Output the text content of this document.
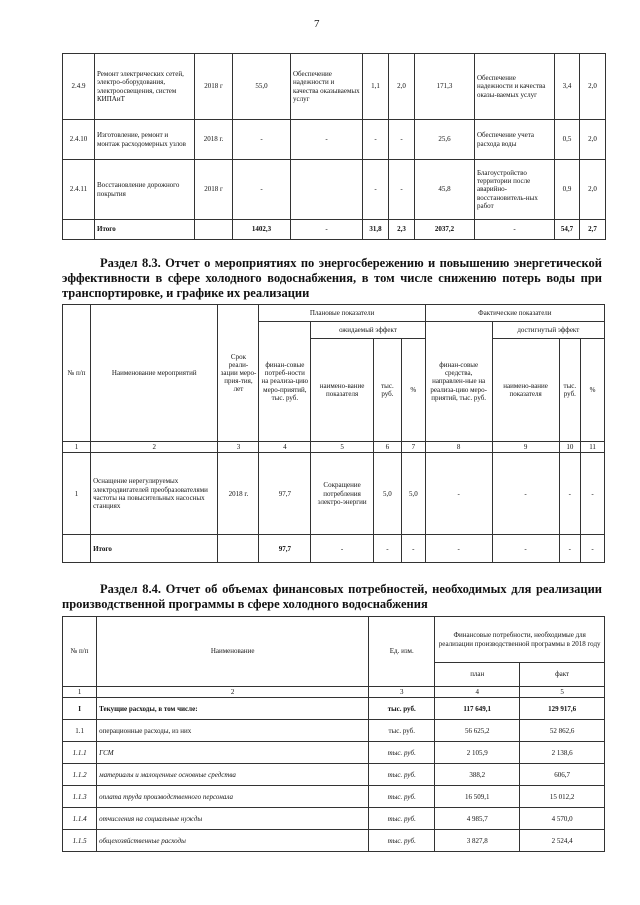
7
2.4.9	Ремонт электрических сетей, электро-оборудования, электроосвещения, систем КИПАиТ	2018 г	55,0	Обеспечение надежности и качества оказываемых услуг	1,1	2,0	171,3	Обеспечение надежности и качества оказы-ваемых услуг	3,4	2,0
2.4.10	Изготовление, ремонт и монтаж расходомерных узлов	2018 г.	-	-	-	-	25,6	Обеспечение учета расхода воды	0,5	2,0
2.4.11	Восстановление дорожного покрытия	2018 г	-		-	-	45,8	Благоустройство территории после аварийно-восстановитель-ных работ	0,9	2,0
	Итого		1402,3	-	31,8	2,3	2037,2	-	54,7	2,7
Раздел 8.3. Отчет о мероприятиях по энергосбережению и повышению энергетической эффективности в сфере холодного водоснабжения, в том числе снижению потерь воды при транспортировке, и графике их реализации
№ п/п	Наименование мероприятий	Срок реали-зации меро-прия-тия, лет	Плановые показатели				Фактические показатели			
			финан-совые потреб-ности на реализа-цию меро-приятий, тыс. руб.	ожидаемый эффект			финан-совые средства, направлен-ные на реализа-цию меро-приятий, тыс. руб.	достигнутый эффект		
				наимено-вание показателя	тыс. руб.	%		наимено-вание показателя	тыс. руб.	%
1	2	3	4	5	6	7	8	9	10	11
1	Оснащение нерегулируемых электродвигателей преобразователями частоты на повысительных насосных станциях	2018 г.	97,7	Сокращение потребления электро-энергии	5,0	5,0	-	-	-	-
	Итого		97,7	-	-	-	-	-	-	-
Раздел 8.4. Отчет об объемах финансовых потребностей, необходимых для реализации производственной программы в сфере холодного водоснабжения
№ п/п	Наименование	Ед. изм.	Финансовые потребности, необходимые для реализации производственной программы в 2018 году	
			план	факт
1	2	3	4	5
I	Текущие расходы, в том числе:	тыс. руб.	117 649,1	129 917,6
1.1	операционные расходы, из них	тыс. руб.	56 625,2	52 862,6
1.1.1	ГСМ	тыс. руб.	2 105,9	2 138,6
1.1.2	материалы и малоценные основные средства	тыс. руб.	388,2	606,7
1.1.3	оплата труда производственного персонала	тыс. руб.	16 509,1	15 012,2
1.1.4	отчисления на социальные нужды	тыс. руб.	4 985,7	4 570,0
1.1.5	общехозяйственные расходы	тыс. руб.	3 827,8	2 524,4
